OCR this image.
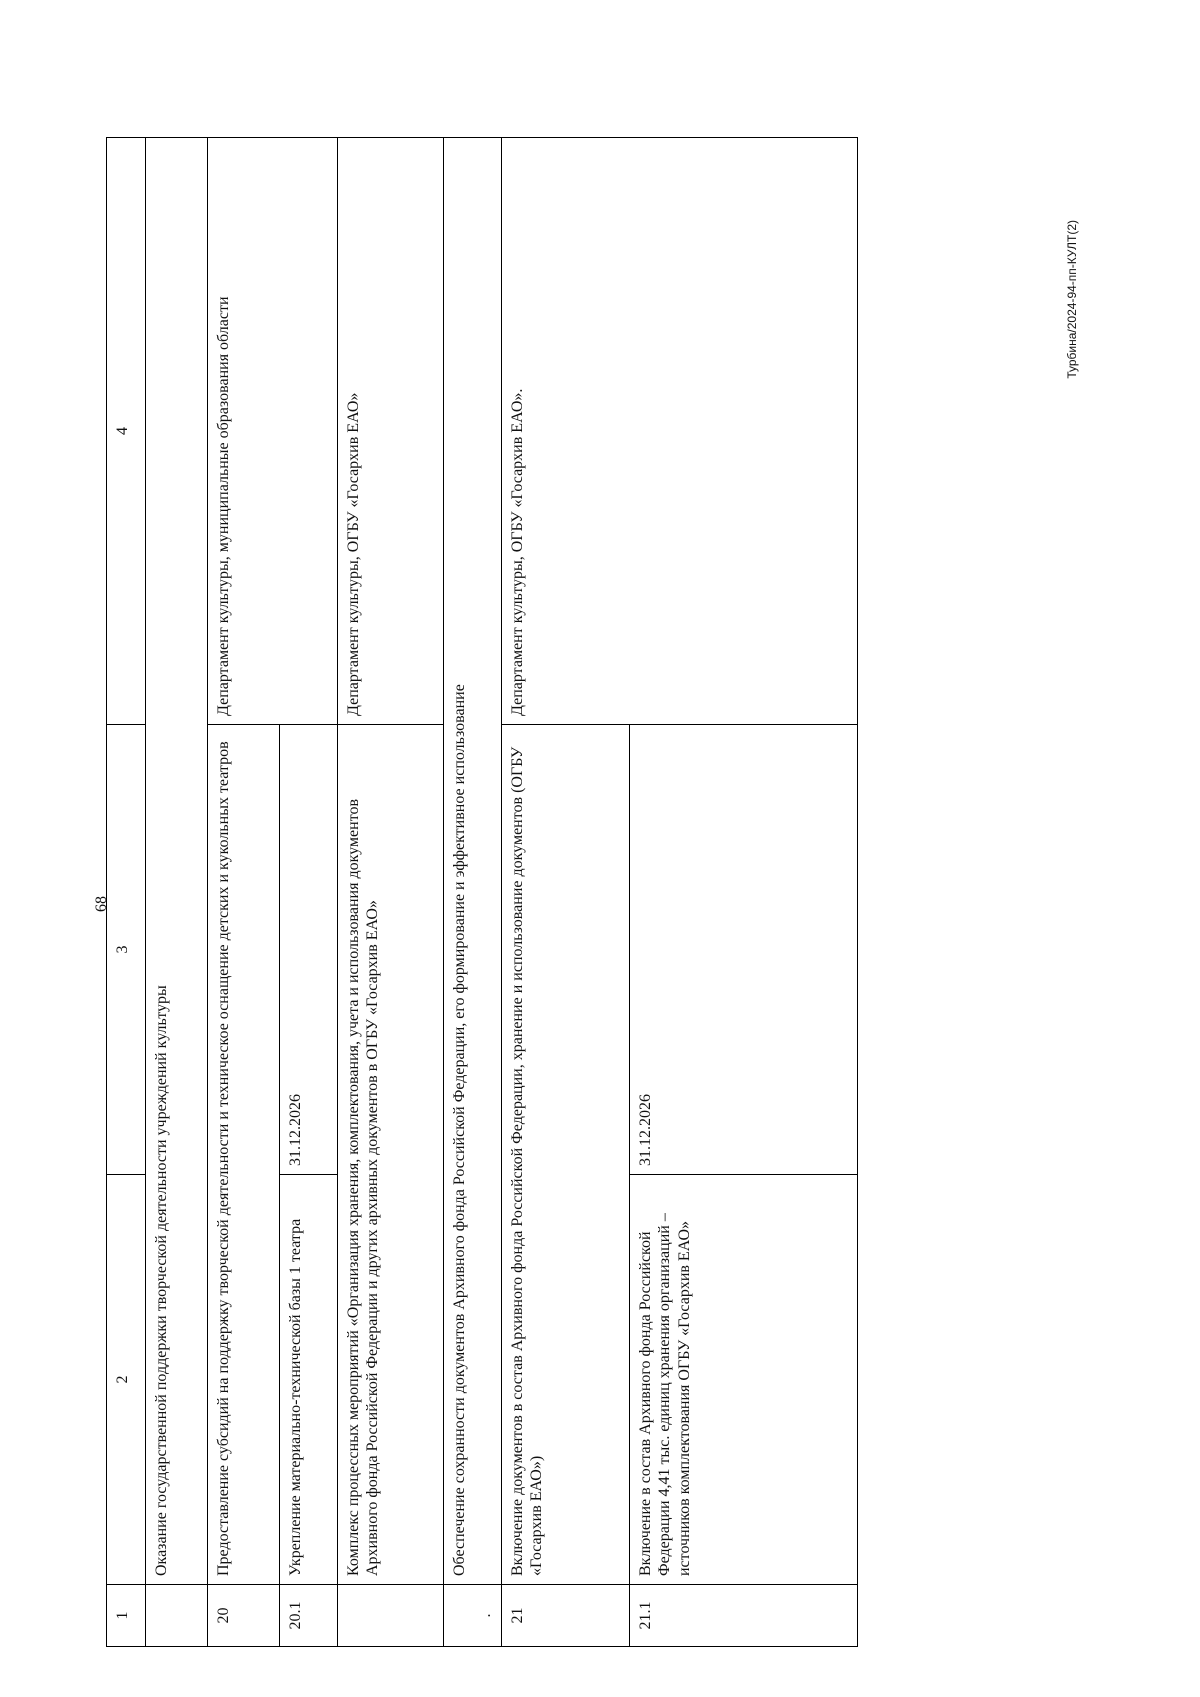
68
Турбина/2024-94-пп-КУЛТ(2)
1	2	3	4
	Оказание государственной поддержки творческой деятельности учреждений культуры		
20	Предоставление субсидий на поддержку творческой деятельности и техническое оснащение детских и кукольных театров		Департамент культуры, муниципальные образования области
20.1	Укрепление материально-технической базы 1 театра	31.12.2026	
	Комплекс процессных мероприятий «Организация хранения, комплектования, учета и использования документов Архивного фонда Российской Федерации и других архивных документов в ОГБУ «Госархив ЕАО»		Департамент культуры, ОГБУ «Госархив ЕАО»

.	Обеспечение сохранности документов Архивного фонда Российской Федерации, его формирование и эффективное использование		
21	Включение документов в состав Архивного фонда Российской Федерации, хранение и использование документов (ОГБУ «Госархив ЕАО»)		Департамент культуры, ОГБУ «Госархив ЕАО».
21.1	Включение в состав Архивного фонда Российской Федерации 4,41 тыс. единиц хранения организаций – источников комплектования ОГБУ «Госархив ЕАО»	31.12.2026	
